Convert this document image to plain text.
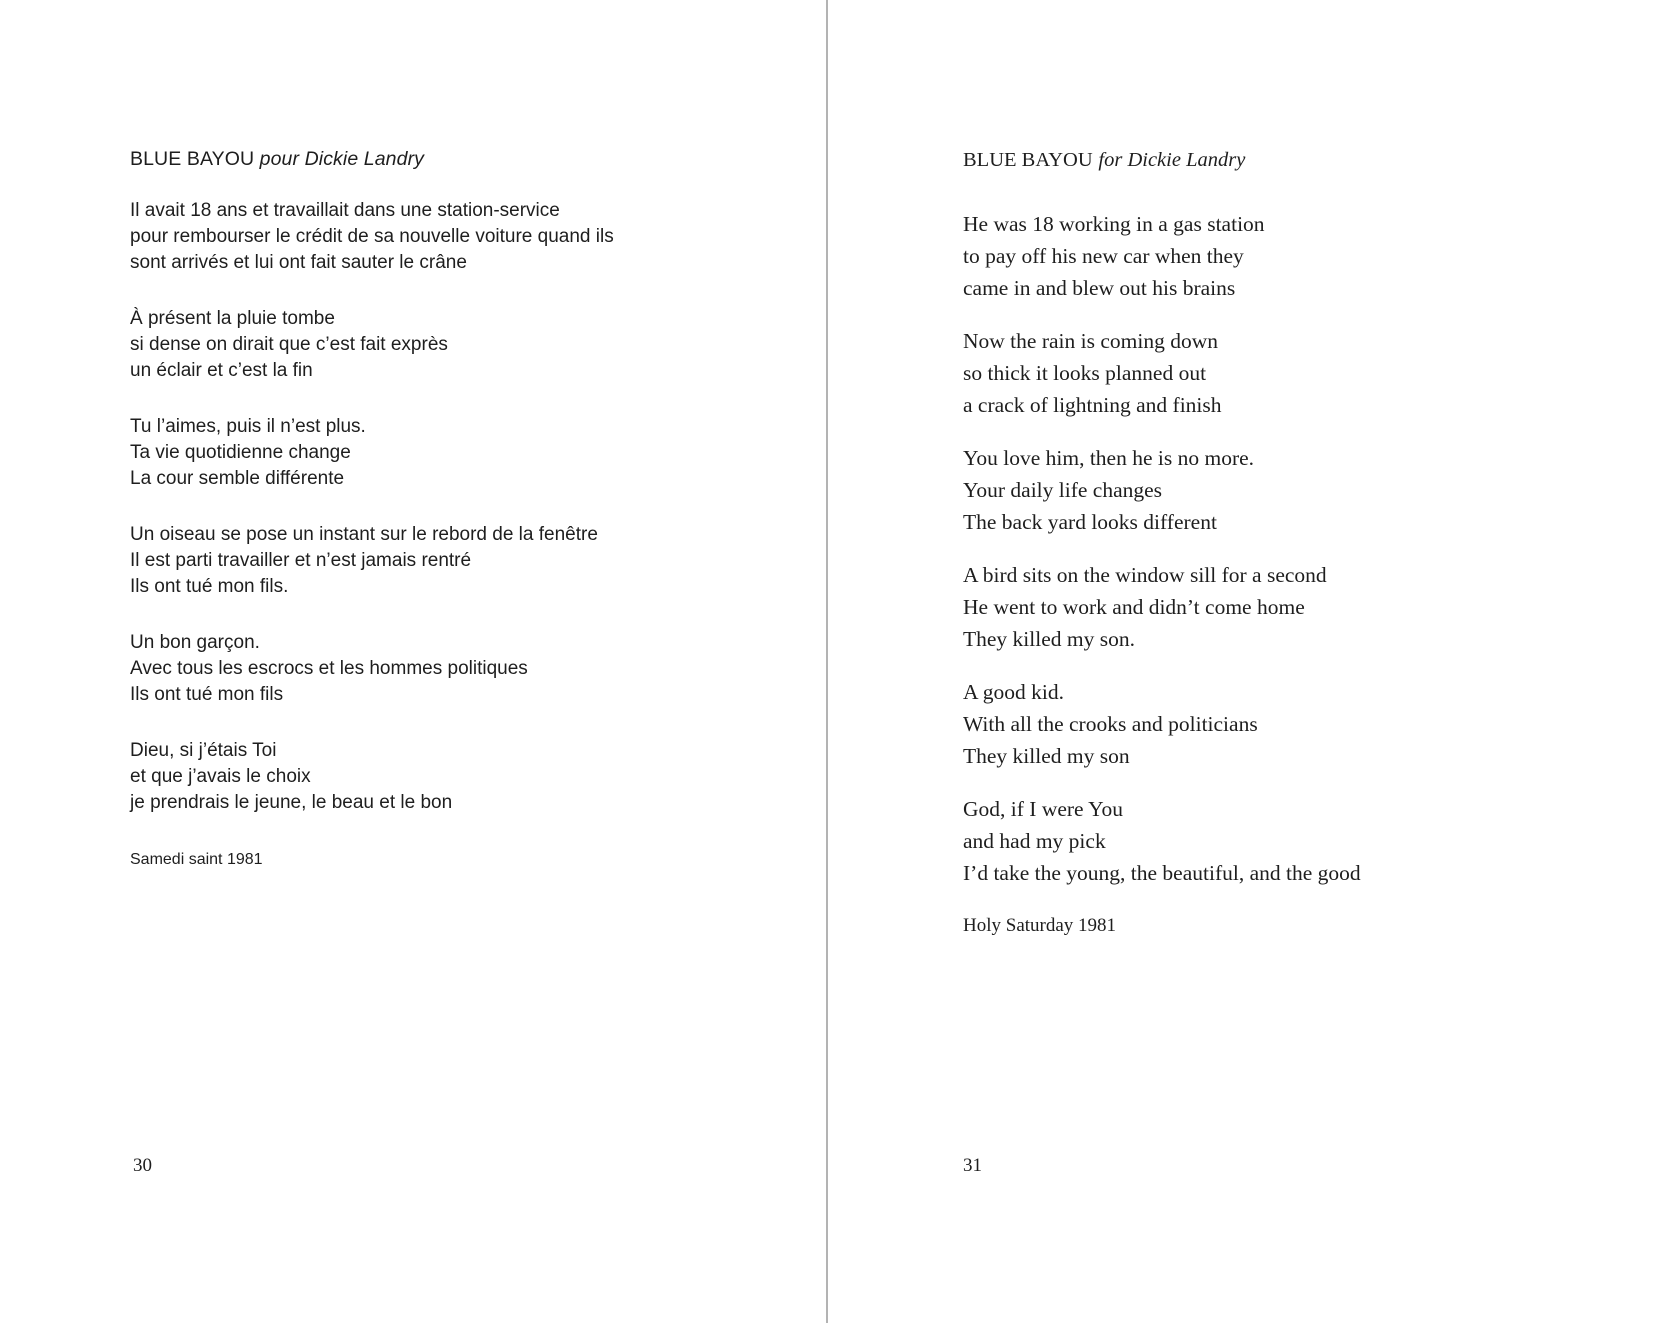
BLUE BAYOU pour Dickie Landry
Il avait 18 ans et travaillait dans une station-service
pour rembourser le crédit de sa nouvelle voiture quand ils
sont arrivés et lui ont fait sauter le crâne
À présent la pluie tombe
si dense on dirait que c’est fait exprès
un éclair et c’est la fin
Tu l’aimes, puis il n’est plus.
Ta vie quotidienne change
La cour semble différente
Un oiseau se pose un instant sur le rebord de la fenêtre
Il est parti travailler et n’est jamais rentré
Ils ont tué mon fils.
Un bon garçon.
Avec tous les escrocs et les hommes politiques
Ils ont tué mon fils
Dieu, si j’étais Toi
et que j’avais le choix
je prendrais le jeune, le beau et le bon
Samedi saint 1981
BLUE BAYOU for Dickie Landry
He was 18 working in a gas station
to pay off his new car when they
came in and blew out his brains
Now the rain is coming down
so thick it looks planned out
a crack of lightning and finish
You love him, then he is no more.
Your daily life changes
The back yard looks different
A bird sits on the window sill for a second
He went to work and didn’t come home
They killed my son.
A good kid.
With all the crooks and politicians
They killed my son
God, if I were You
and had my pick
I’d take the young, the beautiful, and the good
Holy Saturday 1981
30	31
